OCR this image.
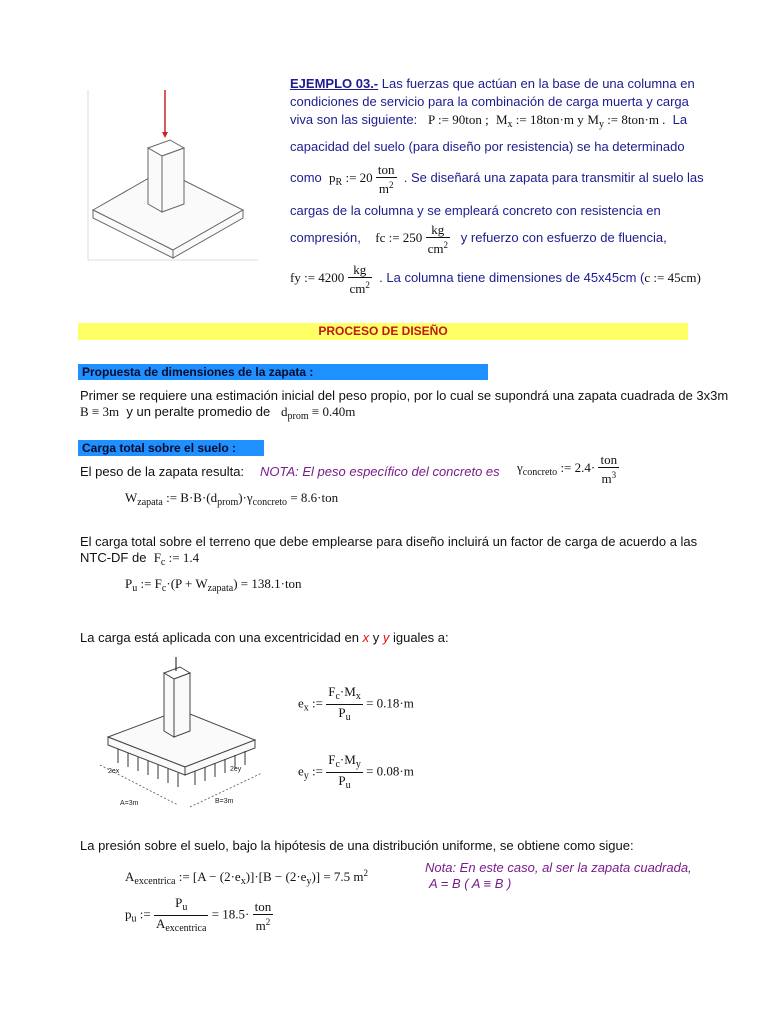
EJEMPLO 03.- Las fuerzas que actúan en la base de una columna en
condiciones de servicio para la combinación de carga muerta y carga
viva son las siguiente: P := 90ton ; $M_x$ := 18ton·m y $M_y$ := 8ton·m . La
capacidad del suelo (para diseño por resistencia) se ha determinado
como $p_R$ := $20 \frac{\text{ton}}{m^2}$ . Se diseñará una zapata para transmitir al suelo las
cargas de la columna y se empleará concreto con resistencia en
compresión, fc := $250 \frac{kg}{cm^2}$ y refuerzo con esfuerzo de fluencia,
fy := $4200 \frac{kg}{cm^2}$ . La columna tiene dimensiones de 45x45cm (c := 45cm)
PROCESO DE DISEÑO
Propuesta de dimensiones de la zapata :
Primer se requiere una estimación inicial del peso propio, por lo cual se supondrá una zapata cuadrada de 3x3m
B ≡ 3m y un peralte promedio de $d_{prom} \equiv 0.40m$
Carga total sobre el suelo :
El peso de la zapata resulta: NOTA: El peso específico del concreto es $\gamma_{concreto}$ := $2.4\cdot \frac{\text{ton}}{m^3}$
$W_{zapata}$ := $B\cdot B\cdot(d_{prom})\cdot\gamma_{concreto} = 8.6\cdot ton$
El carga total sobre el terreno que debe emplearse para diseño incluirá un factor de carga de acuerdo a las
NTC-DF de $F_c$ := 1.4
$P_u$ := $F_c\cdot(P + W_{zapata}) = 138.1\cdot ton$
La carga está aplicada con una excentricidad en x y y iguales a:
2ex	2ey
A=3m	B=3m
$e_x$ := $\frac{F_c\cdot M_x}{P_u} = 0.18\cdot m$
$e_y$ := $\frac{F_c\cdot M_y}{P_u} = 0.08\cdot m$
La presión sobre el suelo, bajo la hipótesis de una distribución uniforme, se obtiene como sigue:
$A_{excentrica}$ := $[A - (2\cdot e_x)]\cdot[B - (2\cdot e_y)] = 7.5$ $m^2$	Nota: En este caso, al ser la zapata cuadrada,
A = B ( A ≡ B )
$p_u$ := $\frac{P_u}{A_{excentrica}} = 18.5\cdot \frac{\text{ton}}{m^2}$
